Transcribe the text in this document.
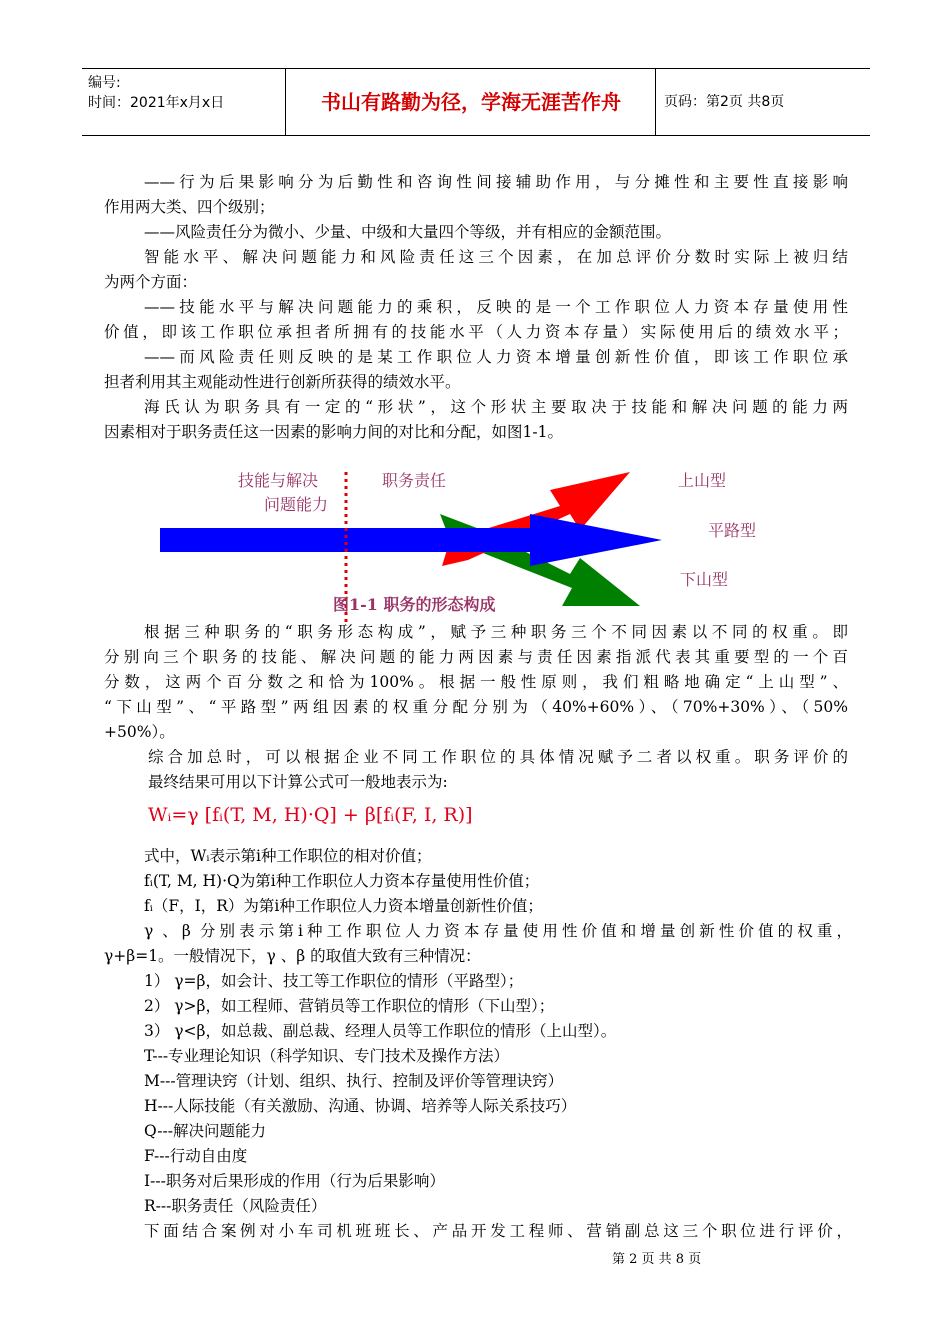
编号:
时间：2021年x月x日	书山有路勤为径，学海无涯苦作舟	页码：第2页 共8页
——行为后果影响分为后勤性和咨询性间接辅助作用，与分摊性和主要性直接影响
作用两大类、四个级别；
——风险责任分为微小、少量、中级和大量四个等级，并有相应的金额范围。
智能水平、解决问题能力和风险责任这三个因素，在加总评价分数时实际上被归结
为两个方面：
——技能水平与解决问题能力的乘积，反映的是一个工作职位人力资本存量使用性
价值，即该工作职位承担者所拥有的技能水平（人力资本存量）实际使用后的绩效水平；
——而风险责任则反映的是某工作职位人力资本增量创新性价值，即该工作职位承
担者利用其主观能动性进行创新所获得的绩效水平。
海氏认为职务具有一定的“形状”，这个形状主要取决于技能和解决问题的能力两
因素相对于职务责任这一因素的影响力间的对比和分配，如图1-1。
技能与解决
问题能力
职务责任	上山型
平路型
下山型
图1-1 职务的形态构成
根据三种职务的“职务形态构成”，赋予三种职务三个不同因素以不同的权重。即
分别向三个职务的技能、解决问题的能力两因素与责任因素指派代表其重要型的一个百
分数，这两个百分数之和恰为100%。根据一般性原则，我们粗略地确定“上山型”、
“下山型”、“平路型”两组因素的权重分配分别为（40%+60%）、（70%+30%）、（50%
+50%）。
综合加总时，可以根据企业不同工作职位的具体情况赋予二者以权重。职务评价的
最终结果可用以下计算公式可一般地表示为:
Wᵢ=γ [fᵢ(T, M, H)·Q] + β[fᵢ(F, I, R)]
式中，Wᵢ表示第i种工作职位的相对价值；
fᵢ(T, M, H)·Q为第i种工作职位人力资本存量使用性价值；
fᵢ（F，I，R）为第i种工作职位人力资本增量创新性价值；
γ 、β 分别表示第i种工作职位人力资本存量使用性价值和增量创新性价值的权重，
γ+β=1。一般情况下，γ 、β 的取值大致有三种情况：
1） γ=β，如会计、技工等工作职位的情形（平路型）；
2） γ>β，如工程师、营销员等工作职位的情形（下山型）；
3） γ<β，如总裁、副总裁、经理人员等工作职位的情形（上山型）。
T---专业理论知识（科学知识、专门技术及操作方法）
M---管理诀窍（计划、组织、执行、控制及评价等管理诀窍）
H---人际技能（有关激励、沟通、协调、培养等人际关系技巧）
Q---解决问题能力
F---行动自由度
I---职务对后果形成的作用（行为后果影响）
R---职务责任（风险责任）
下面结合案例对小车司机班班长、产品开发工程师、营销副总这三个职位进行评价，
第 2 页 共 8 页
